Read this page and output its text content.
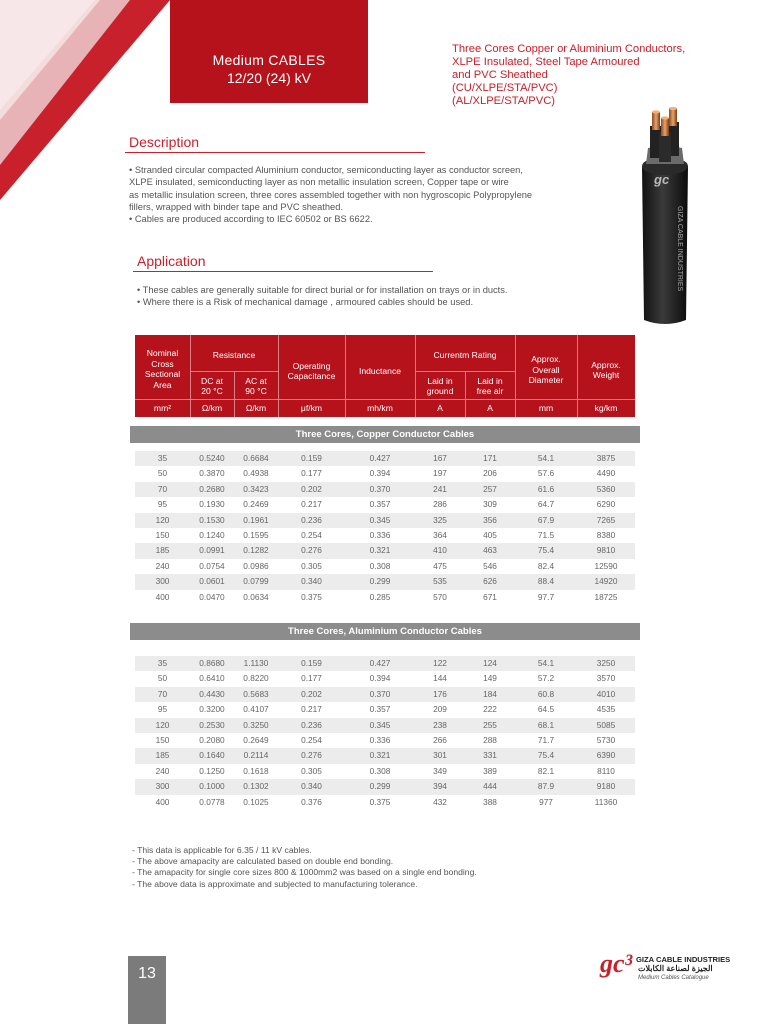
Medium CABLES
12/20 (24) kV
Three Cores Copper or Aluminium Conductors,
XLPE Insulated, Steel Tape Armoured
and PVC Sheathed
(CU/XLPE/STA/PVC)
(AL/XLPE/STA/PVC)
gc
GIZA CABLE INDUSTRIES
Description
• Stranded circular compacted Aluminium conductor, semiconducting layer as conductor screen,
XLPE insulated, semiconducting layer as non metallic insulation screen, Copper tape or wire
as metallic insulation screen, three cores assembled together with non hygroscopic Polypropylene
fillers, wrapped with binder tape and PVC sheathed.
• Cables are produced according to IEC 60502 or BS 6622.
Application
• These cables are generally suitable for direct burial or for installation on trays or in ducts.
• Where there is a Risk of mechanical damage , armoured cables should be used.
Nominal
Cross
Sectional
Area
Resistance
DC at
20 °C
AC at
90 °C
Operating
Capacitance
Inductance
Currentm Rating
Laid in
ground
Laid in
free air
Approx.
Overall
Diameter
Approx.
Weight
mm²	Ω/km	Ω/km	μf/km	mh/km	A	A	mm	kg/km
Three Cores, Copper Conductor Cables
35	0.5240	0.6684	0.159	0.427	167	171	54.1	3875
50	0.3870	0.4938	0.177	0.394	197	206	57.6	4490
70	0.2680	0.3423	0.202	0.370	241	257	61.6	5360
95	0.1930	0.2469	0.217	0.357	286	309	64.7	6290
120	0.1530	0.1961	0.236	0.345	325	356	67.9	7265
150	0.1240	0.1595	0.254	0.336	364	405	71.5	8380
185	0.0991	0.1282	0.276	0.321	410	463	75.4	9810
240	0.0754	0.0986	0.305	0.308	475	546	82.4	12590
300	0.0601	0.0799	0.340	0.299	535	626	88.4	14920
400	0.0470	0.0634	0.375	0.285	570	671	97.7	18725
Three Cores, Aluminium Conductor Cables
35	0.8680	1.1130	0.159	0.427	122	124	54.1	3250
50	0.6410	0.8220	0.177	0.394	144	149	57.2	3570
70	0.4430	0.5683	0.202	0.370	176	184	60.8	4010
95	0.3200	0.4107	0.217	0.357	209	222	64.5	4535
120	0.2530	0.3250	0.236	0.345	238	255	68.1	5085
150	0.2080	0.2649	0.254	0.336	266	288	71.7	5730
185	0.1640	0.2114	0.276	0.321	301	331	75.4	6390
240	0.1250	0.1618	0.305	0.308	349	389	82.1	8110
300	0.1000	0.1302	0.340	0.299	394	444	87.9	9180
400	0.0778	0.1025	0.376	0.375	432	388	977	11360
- This data is applicable for 6.35 / 11 kV cables.
- The above amapacity are calculated based on double end bonding.
- The amapacity for single core sizes 800 & 1000mm2 was based on a single end bonding.
- The above data is approximate and subjected to manufacturing tolerance.
13	gc³ GIZA CABLE INDUSTRIES
الجيزة لصناعة الكابلات
Medium Cables Catalogue
